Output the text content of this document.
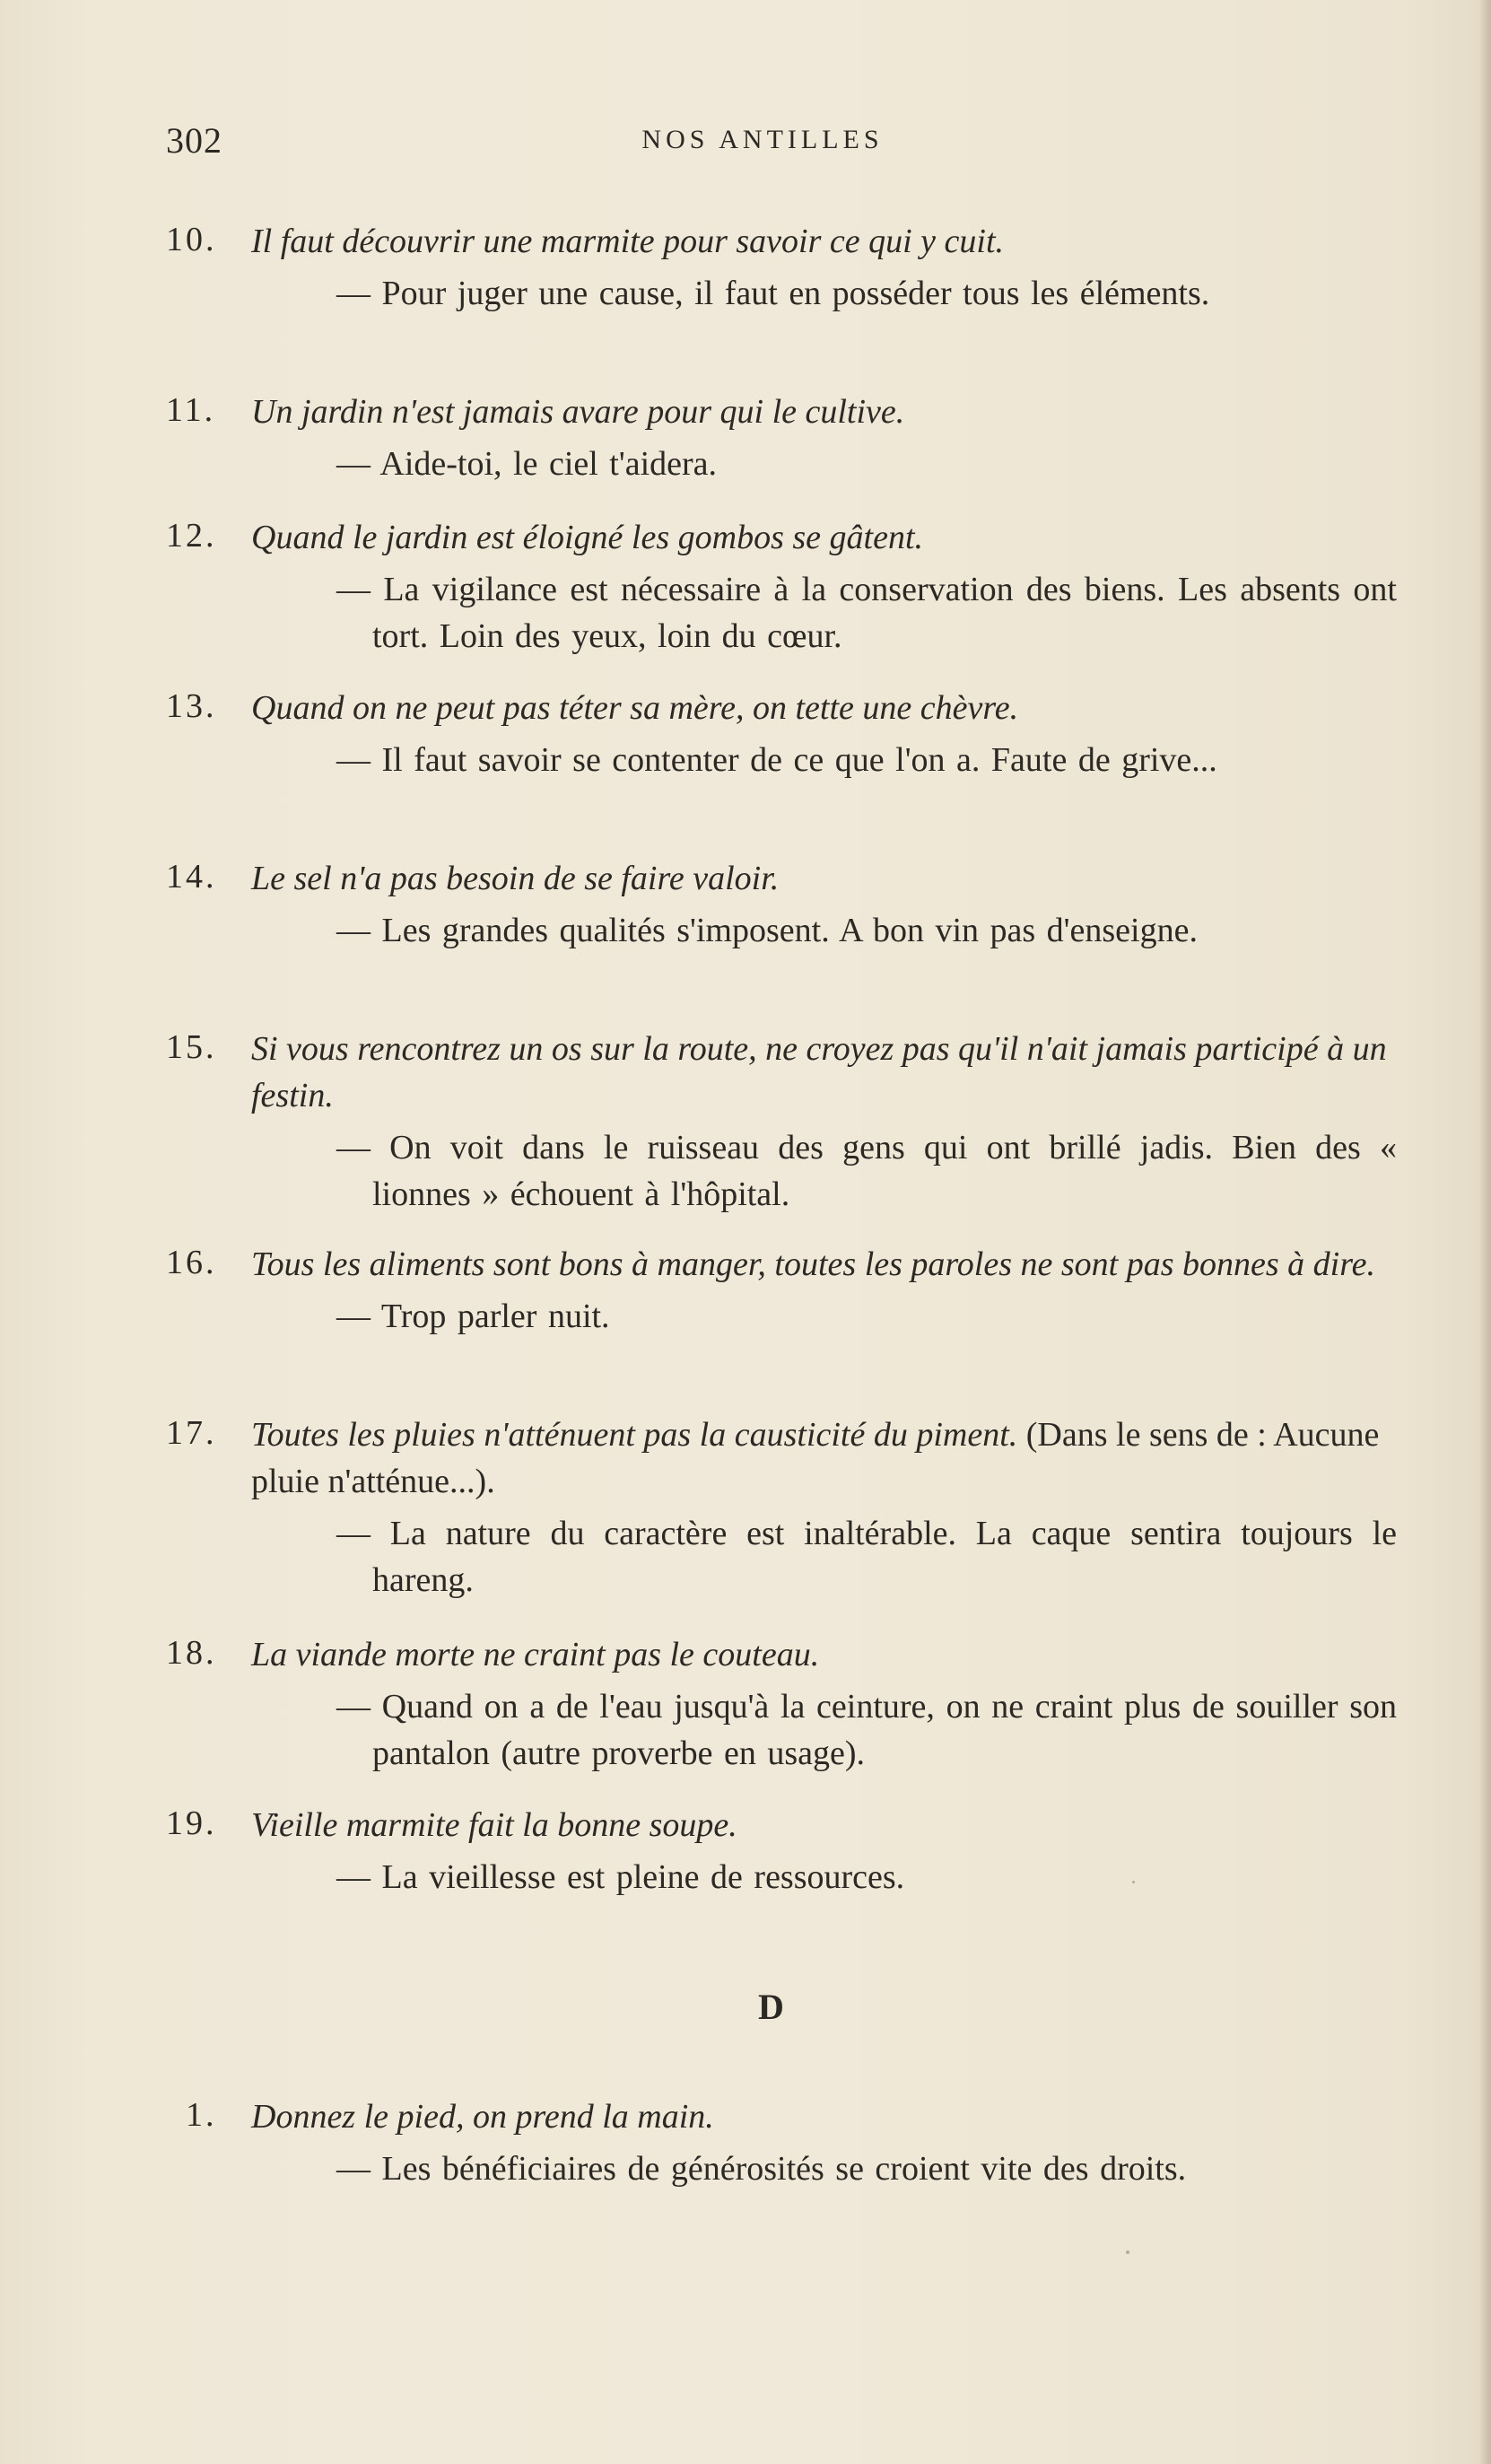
302	NOS ANTILLES
10.	Il faut découvrir une marmite pour savoir ce qui y cuit.
— Pour juger une cause, il faut en posséder tous les éléments.
11.	Un jardin n'est jamais avare pour qui le cultive.
— Aide-toi, le ciel t'aidera.
12.	Quand le jardin est éloigné les gombos se gâtent.
— La vigilance est nécessaire à la conservation des biens. Les absents ont tort. Loin des yeux, loin du cœur.
13.	Quand on ne peut pas téter sa mère, on tette une chèvre.
— Il faut savoir se contenter de ce que l'on a. Faute de grive...
14.	Le sel n'a pas besoin de se faire valoir.
— Les grandes qualités s'imposent. A bon vin pas d'enseigne.
15.	Si vous rencontrez un os sur la route, ne croyez pas qu'il n'ait jamais participé à un festin.
— On voit dans le ruisseau des gens qui ont brillé jadis. Bien des « lionnes » échouent à l'hôpital.
16.	Tous les aliments sont bons à manger, toutes les paroles ne sont pas bonnes à dire.
— Trop parler nuit.
17.	Toutes les pluies n'atténuent pas la causticité du piment. (Dans le sens de : Aucune pluie n'atténue...).
— La nature du caractère est inaltérable. La caque sentira toujours le hareng.
18.	La viande morte ne craint pas le couteau.
— Quand on a de l'eau jusqu'à la ceinture, on ne craint plus de souiller son pantalon (autre proverbe en usage).
19.	Vieille marmite fait la bonne soupe.
— La vieillesse est pleine de ressources.
D
1.	Donnez le pied, on prend la main.
— Les bénéficiaires de générosités se croient vite des droits.
